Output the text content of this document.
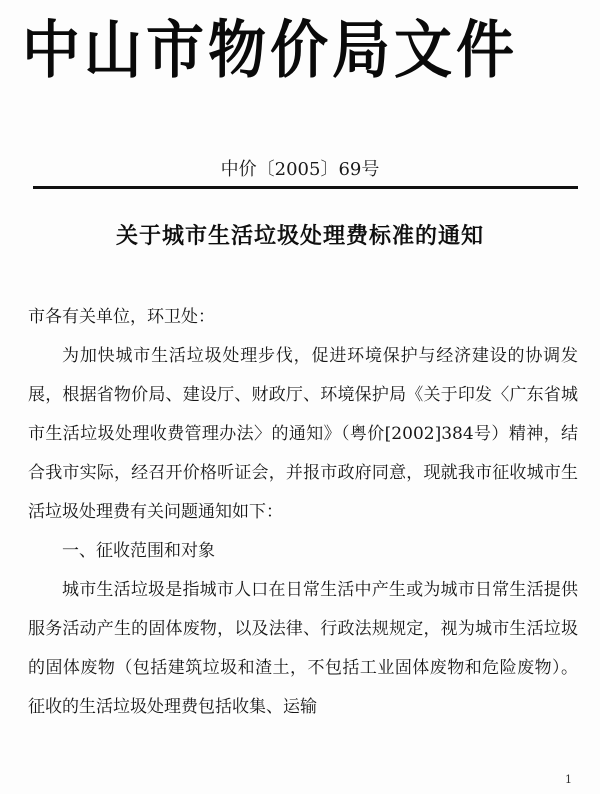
中山市物价局文件
中价〔2005〕69号
关于城市生活垃圾处理费标准的通知

市各有关单位，环卫处：

为加快城市生活垃圾处理步伐，促进环境保护与经济建设的协调发展，根据省物价局、建设厅、财政厅、环境保护局《关于印发〈广东省城市生活垃圾处理收费管理办法〉的通知》（粤价[2002]384号）精神，结合我市实际，经召开价格听证会，并报市政府同意，现就我市征收城市生活垃圾处理费有关问题通知如下：

一、征收范围和对象

城市生活垃圾是指城市人口在日常生活中产生或为城市日常生活提供服务活动产生的固体废物，以及法律、行政法规规定，视为城市生活垃圾的固体废物（包括建筑垃圾和渣土，不包括工业固体废物和危险废物）。征收的生活垃圾处理费包括收集、运输

1
